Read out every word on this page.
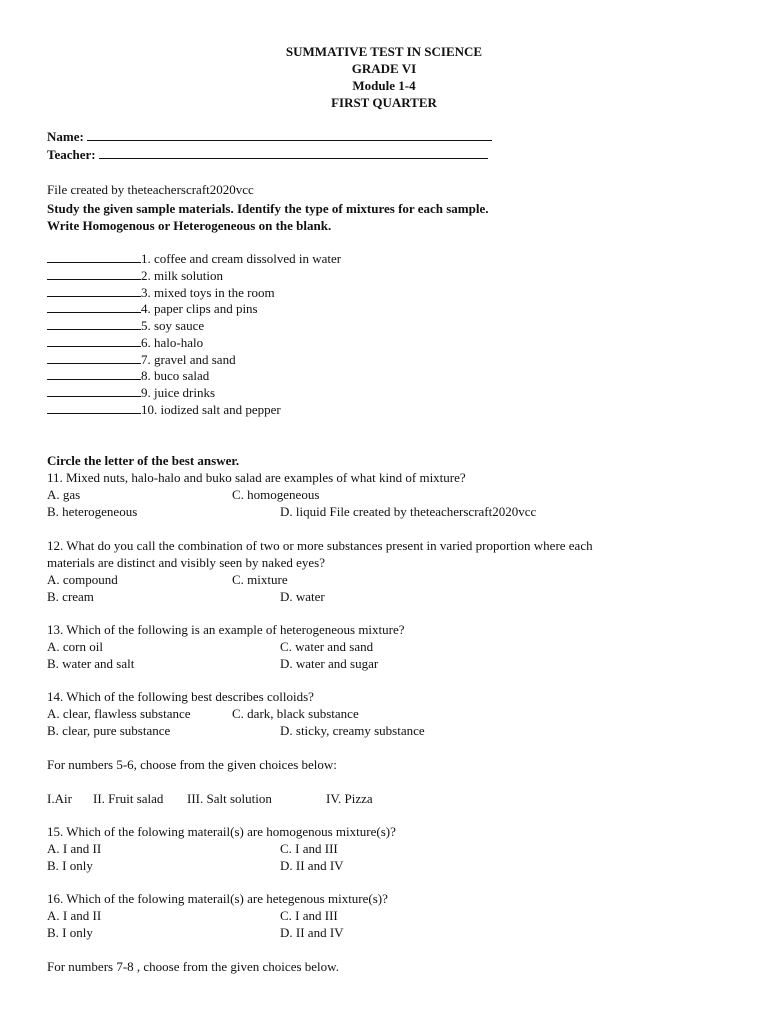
SUMMATIVE TEST IN SCIENCE
GRADE VI
Module 1-4
FIRST QUARTER
Name:
Teacher:
File created by theteacherscraft2020vcc
Study the given sample materials. Identify the type of mixtures for each sample.
Write Homogenous or Heterogeneous on the blank.
1. coffee and cream dissolved in water
2. milk solution
3. mixed toys in the room
4. paper clips and pins
5. soy sauce
6. halo-halo
7. gravel and sand
8. buco salad
9. juice drinks
10. iodized salt and pepper
Circle the letter of the best answer.
11. Mixed nuts, halo-halo and buko salad are examples of what kind of mixture?
A. gas	C. homogeneous
B. heterogeneous	D. liquid File created by theteacherscraft2020vcc
12. What do you call the combination of two or more substances present in varied proportion where each
materials are distinct and visibly seen by naked eyes?
A. compound	C. mixture
B. cream	D. water
13. Which of the following is an example of heterogeneous mixture?
A. corn oil	C. water and sand
B. water and salt	D. water and sugar
14. Which of the following best describes colloids?
A. clear, flawless substance	C. dark, black substance
B. clear, pure substance	D. sticky, creamy substance
For numbers 5-6, choose from the given choices below:
I.Air II. Fruit salad III. Salt solution	IV. Pizza
15. Which of the folowing materail(s) are homogenous mixture(s)?
A. I and II	C. I and III
B. I only	D. II and IV
16. Which of the folowing materail(s) are hetegenous mixture(s)?
A. I and II	C. I and III
B. I only	D. II and IV
For numbers 7-8 , choose from the given choices below.
